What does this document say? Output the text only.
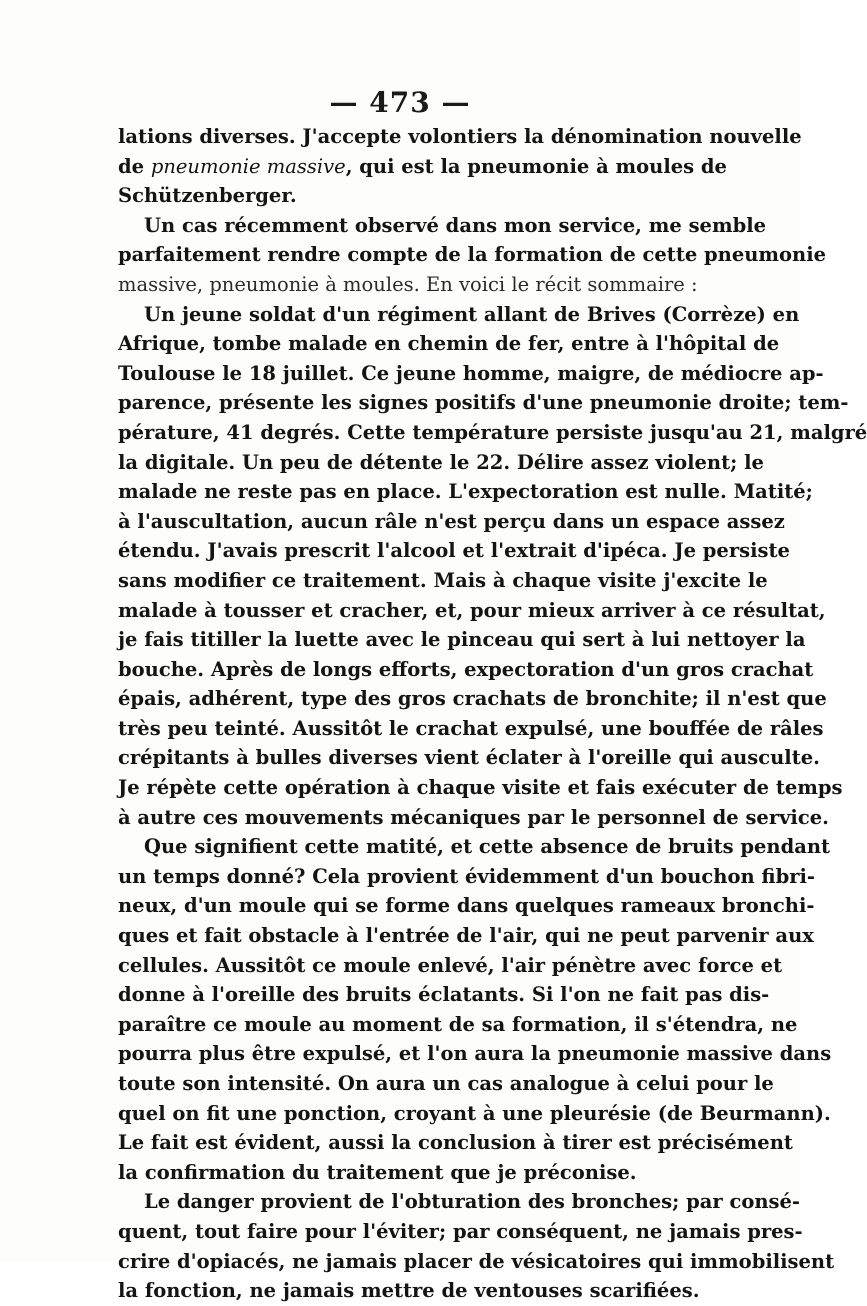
— 473 —
lations diverses. J'accepte volontiers la dénomination nouvelle
de pneumonie massive, qui est la pneumonie à moules de
Schützenberger.
Un cas récemment observé dans mon service, me semble
parfaitement rendre compte de la formation de cette pneumonie
massive, pneumonie à moules. En voici le récit sommaire :
Un jeune soldat d'un régiment allant de Brives (Corrèze) en
Afrique, tombe malade en chemin de fer, entre à l'hôpital de
Toulouse le 18 juillet. Ce jeune homme, maigre, de médiocre ap-
parence, présente les signes positifs d'une pneumonie droite; tem-
pérature, 41 degrés. Cette température persiste jusqu'au 21, malgré
la digitale. Un peu de détente le 22. Délire assez violent; le
malade ne reste pas en place. L'expectoration est nulle. Matité;
à l'auscultation, aucun râle n'est perçu dans un espace assez
étendu. J'avais prescrit l'alcool et l'extrait d'ipéca. Je persiste
sans modifier ce traitement. Mais à chaque visite j'excite le
malade à tousser et cracher, et, pour mieux arriver à ce résultat,
je fais titiller la luette avec le pinceau qui sert à lui nettoyer la
bouche. Après de longs efforts, expectoration d'un gros crachat
épais, adhérent, type des gros crachats de bronchite; il n'est que
très peu teinté. Aussitôt le crachat expulsé, une bouffée de râles
crépitants à bulles diverses vient éclater à l'oreille qui ausculte.
Je répète cette opération à chaque visite et fais exécuter de temps
à autre ces mouvements mécaniques par le personnel de service.
Que signifient cette matité, et cette absence de bruits pendant
un temps donné? Cela provient évidemment d'un bouchon fibri-
neux, d'un moule qui se forme dans quelques rameaux bronchi-
ques et fait obstacle à l'entrée de l'air, qui ne peut parvenir aux
cellules. Aussitôt ce moule enlevé, l'air pénètre avec force et
donne à l'oreille des bruits éclatants. Si l'on ne fait pas dis-
paraître ce moule au moment de sa formation, il s'étendra, ne
pourra plus être expulsé, et l'on aura la pneumonie massive dans
toute son intensité. On aura un cas analogue à celui pour le
quel on fit une ponction, croyant à une pleurésie (de Beurmann).
Le fait est évident, aussi la conclusion à tirer est précisément
la confirmation du traitement que je préconise.
Le danger provient de l'obturation des bronches; par consé-
quent, tout faire pour l'éviter; par conséquent, ne jamais pres-
crire d'opiacés, ne jamais placer de vésicatoires qui immobilisent
la fonction, ne jamais mettre de ventouses scarifiées.
